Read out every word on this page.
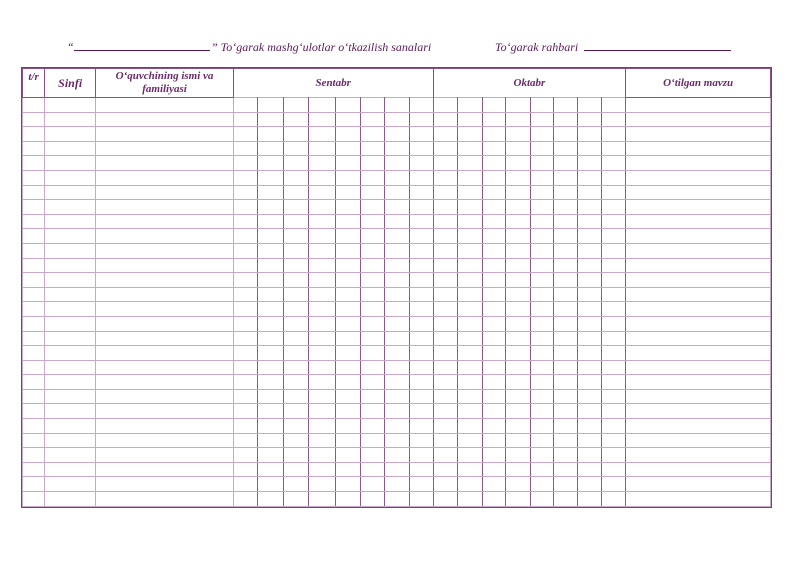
“	” To‘garak mashg‘ulotlar o‘tkazilish sanalari	To‘garak rahbari
t/r	Sinfi	O‘quvchining ismi va familiyasi	Sentabr								Oktabr								O‘tilgan mavzu
